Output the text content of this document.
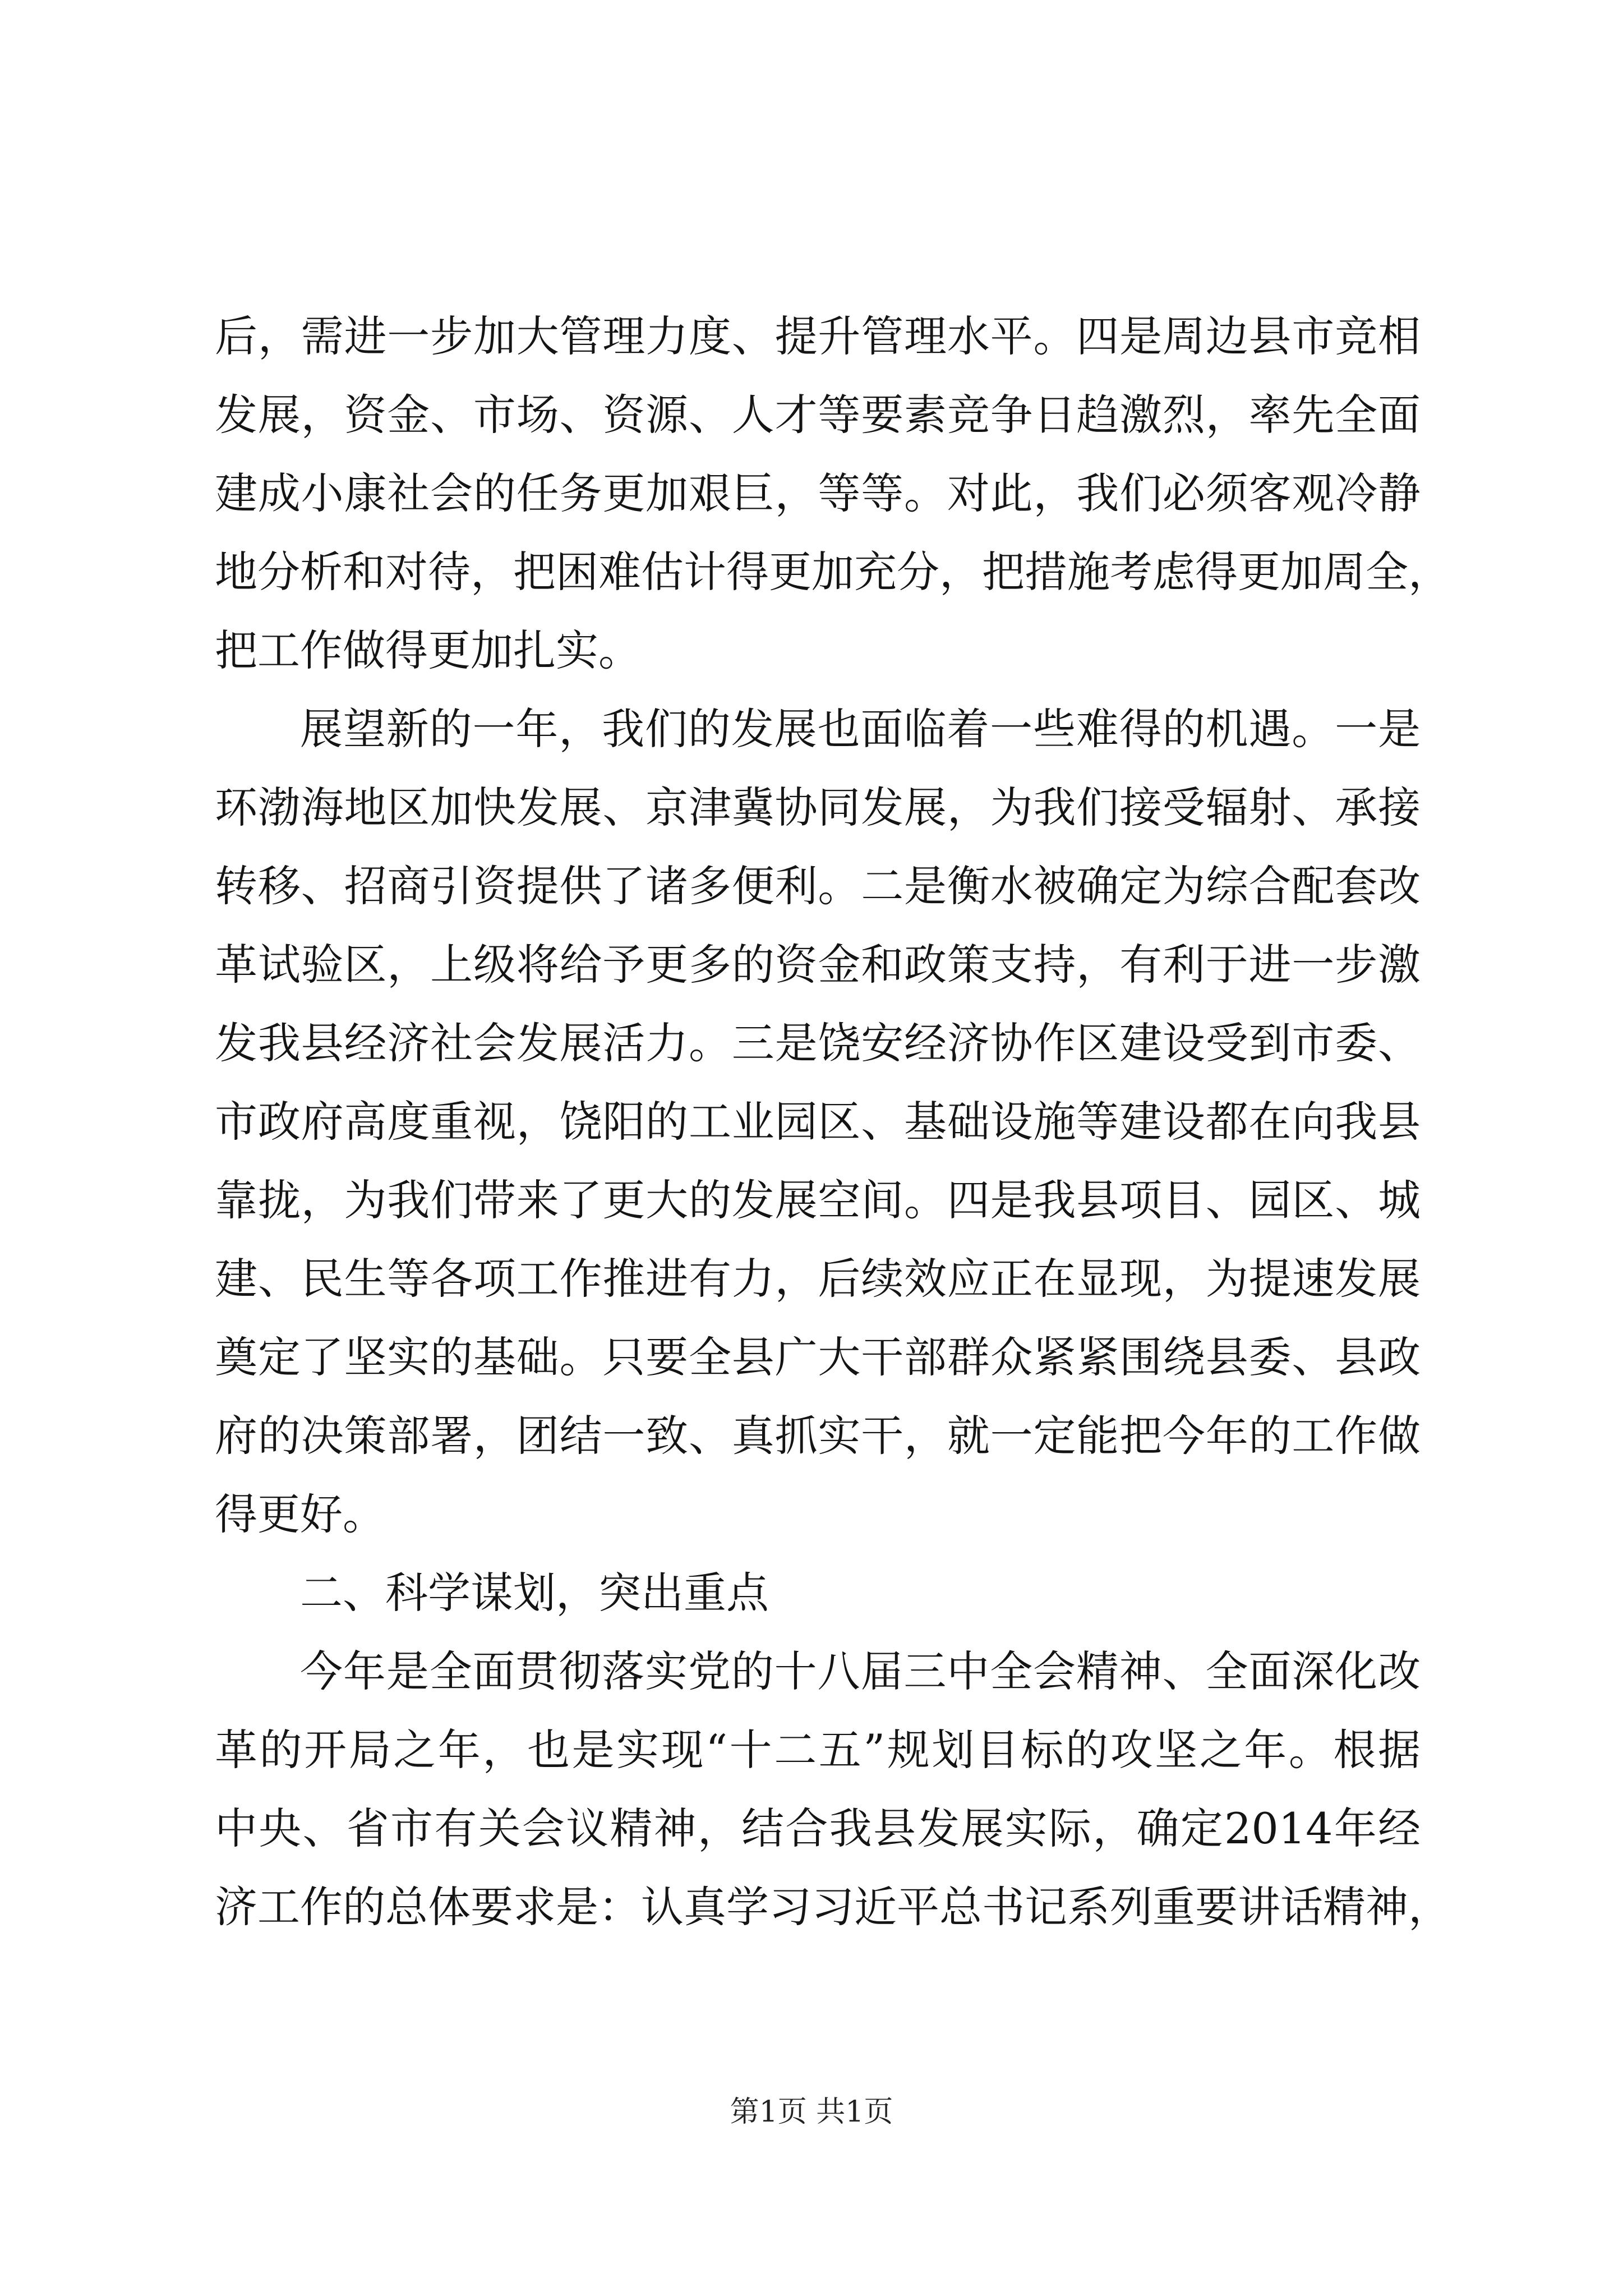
后，需进一步加大管理力度、提升管理水平。四是周边县市竞相
发展，资金、市场、资源、人才等要素竞争日趋激烈，率先全面
建成小康社会的任务更加艰巨，等等。对此，我们必须客观冷静
地分析和对待，把困难估计得更加充分，把措施考虑得更加周全，
把工作做得更加扎实。
展望新的一年，我们的发展也面临着一些难得的机遇。一是
环渤海地区加快发展、京津冀协同发展，为我们接受辐射、承接
转移、招商引资提供了诸多便利。二是衡水被确定为综合配套改
革试验区，上级将给予更多的资金和政策支持，有利于进一步激
发我县经济社会发展活力。三是饶安经济协作区建设受到市委、
市政府高度重视，饶阳的工业园区、基础设施等建设都在向我县
靠拢，为我们带来了更大的发展空间。四是我县项目、园区、城
建、民生等各项工作推进有力，后续效应正在显现，为提速发展
奠定了坚实的基础。只要全县广大干部群众紧紧围绕县委、县政
府的决策部署，团结一致、真抓实干，就一定能把今年的工作做
得更好。
二、科学谋划，突出重点
今年是全面贯彻落实党的十八届三中全会精神、全面深化改
革的开局之年，也是实现“十二五”规划目标的攻坚之年。根据
中央、省市有关会议精神，结合我县发展实际，确定2014年经
济工作的总体要求是：认真学习习近平总书记系列重要讲话精神，
第1页 共1页
